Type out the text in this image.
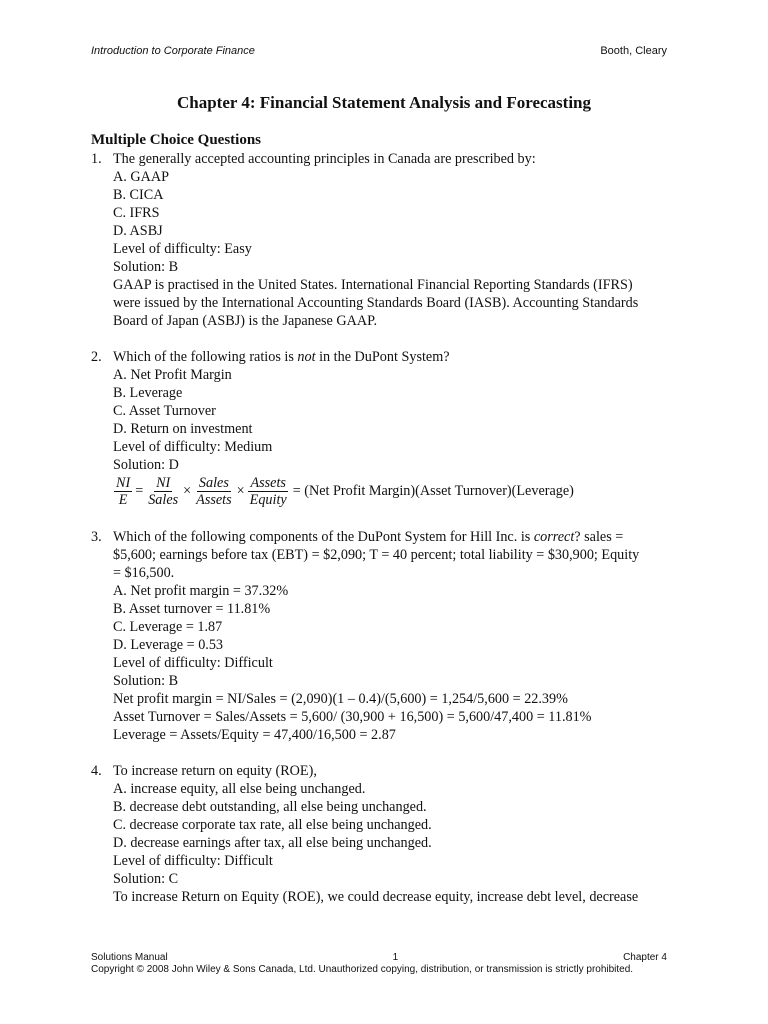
Introduction to Corporate Finance	Booth, Cleary
Chapter 4: Financial Statement Analysis and Forecasting

Multiple Choice Questions

1. The generally accepted accounting principles in Canada are prescribed by:
A. GAAP
B. CICA
C. IFRS
D. ASBJ
Level of difficulty: Easy
Solution: B
GAAP is practised in the United States. International Financial Reporting Standards (IFRS)
were issued by the International Accounting Standards Board (IASB). Accounting Standards
Board of Japan (ASBJ) is the Japanese GAAP.
2. Which of the following ratios is not in the DuPont System?
A. Net Profit Margin
B. Leverage
C. Asset Turnover
D. Return on investment
Level of difficulty: Medium
Solution: D
$\frac{NI}{E} = \frac{NI}{\text{Sales}} \times \frac{\text{Sales}}{\text{Assets}} \times \frac{\text{Assets}}{\text{Equity}} = (Net$ Profit Margin)(Asset Turnover)(Leverage)
3. Which of the following components of the DuPont System for Hill Inc. is correct? sales =
$5,600; earnings before tax (EBT) = $2,090; T = 40 percent; total liability = $30,900; Equity
= $16,500.
A. Net profit margin = 37.32%
B. Asset turnover = 11.81%
C. Leverage = 1.87
D. Leverage = 0.53
Level of difficulty: Difficult
Solution: B
Net profit margin = NI/Sales = (2,090)(1 – 0.4)/(5,600) = 1,254/5,600 = 22.39%
Asset Turnover = Sales/Assets = 5,600/ (30,900 + 16,500) = 5,600/47,400 = 11.81%
Leverage = Assets/Equity = 47,400/16,500 = 2.87
4. To increase return on equity (ROE),
A. increase equity, all else being unchanged.
B. decrease debt outstanding, all else being unchanged.
C. decrease corporate tax rate, all else being unchanged.
D. decrease earnings after tax, all else being unchanged.
Level of difficulty: Difficult
Solution: C
To increase Return on Equity (ROE), we could decrease equity, increase debt level, decrease
Solutions Manual	1	Chapter 4
Copyright © 2008 John Wiley & Sons Canada, Ltd. Unauthorized copying, distribution, or transmission is strictly prohibited.
